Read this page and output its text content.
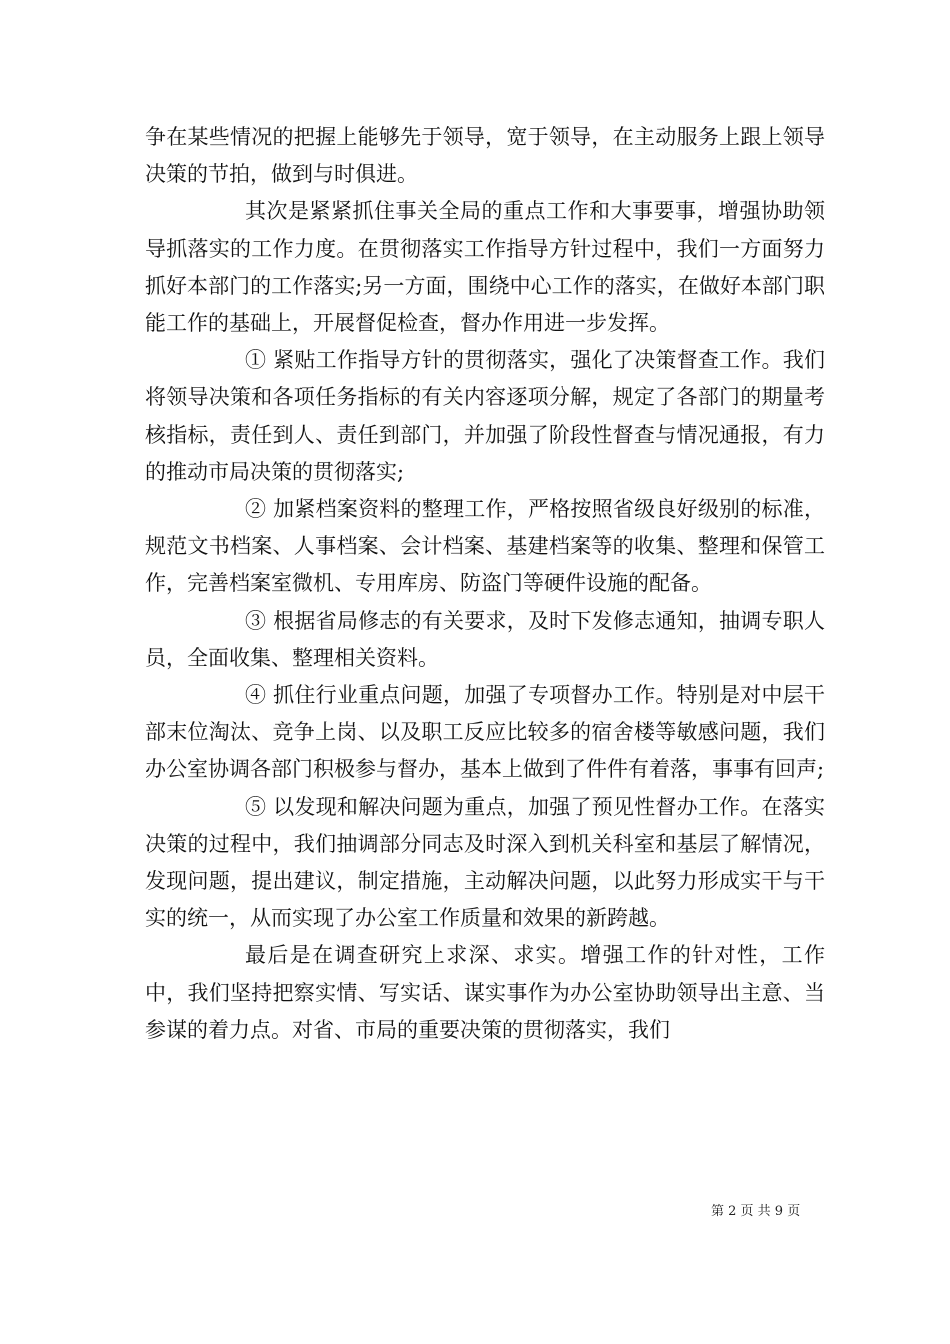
争在某些情况的把握上能够先于领导，宽于领导，在主动服务上跟上领导决策的节拍，做到与时俱进。

其次是紧紧抓住事关全局的重点工作和大事要事，增强协助领导抓落实的工作力度。在贯彻落实工作指导方针过程中，我们一方面努力抓好本部门的工作落实;另一方面，围绕中心工作的落实，在做好本部门职能工作的基础上，开展督促检查，督办作用进一步发挥。

① 紧贴工作指导方针的贯彻落实，强化了决策督查工作。我们将领导决策和各项任务指标的有关内容逐项分解，规定了各部门的期量考核指标，责任到人、责任到部门，并加强了阶段性督查与情况通报，有力的推动市局决策的贯彻落实;

② 加紧档案资料的整理工作，严格按照省级良好级别的标准，规范文书档案、人事档案、会计档案、基建档案等的收集、整理和保管工作，完善档案室微机、专用库房、防盗门等硬件设施的配备。

③ 根据省局修志的有关要求，及时下发修志通知，抽调专职人员，全面收集、整理相关资料。

④ 抓住行业重点问题，加强了专项督办工作。特别是对中层干部末位淘汰、竞争上岗、以及职工反应比较多的宿舍楼等敏感问题，我们办公室协调各部门积极参与督办，基本上做到了件件有着落，事事有回声;

⑤ 以发现和解决问题为重点，加强了预见性督办工作。在落实决策的过程中，我们抽调部分同志及时深入到机关科室和基层了解情况，发现问题，提出建议，制定措施，主动解决问题，以此努力形成实干与干实的统一，从而实现了办公室工作质量和效果的新跨越。

最后是在调查研究上求深、求实。增强工作的针对性，工作中，我们坚持把察实情、写实话、谋实事作为办公室协助领导出主意、当参谋的着力点。对省、市局的重要决策的贯彻落实，我们

第 2 页 共 9 页
